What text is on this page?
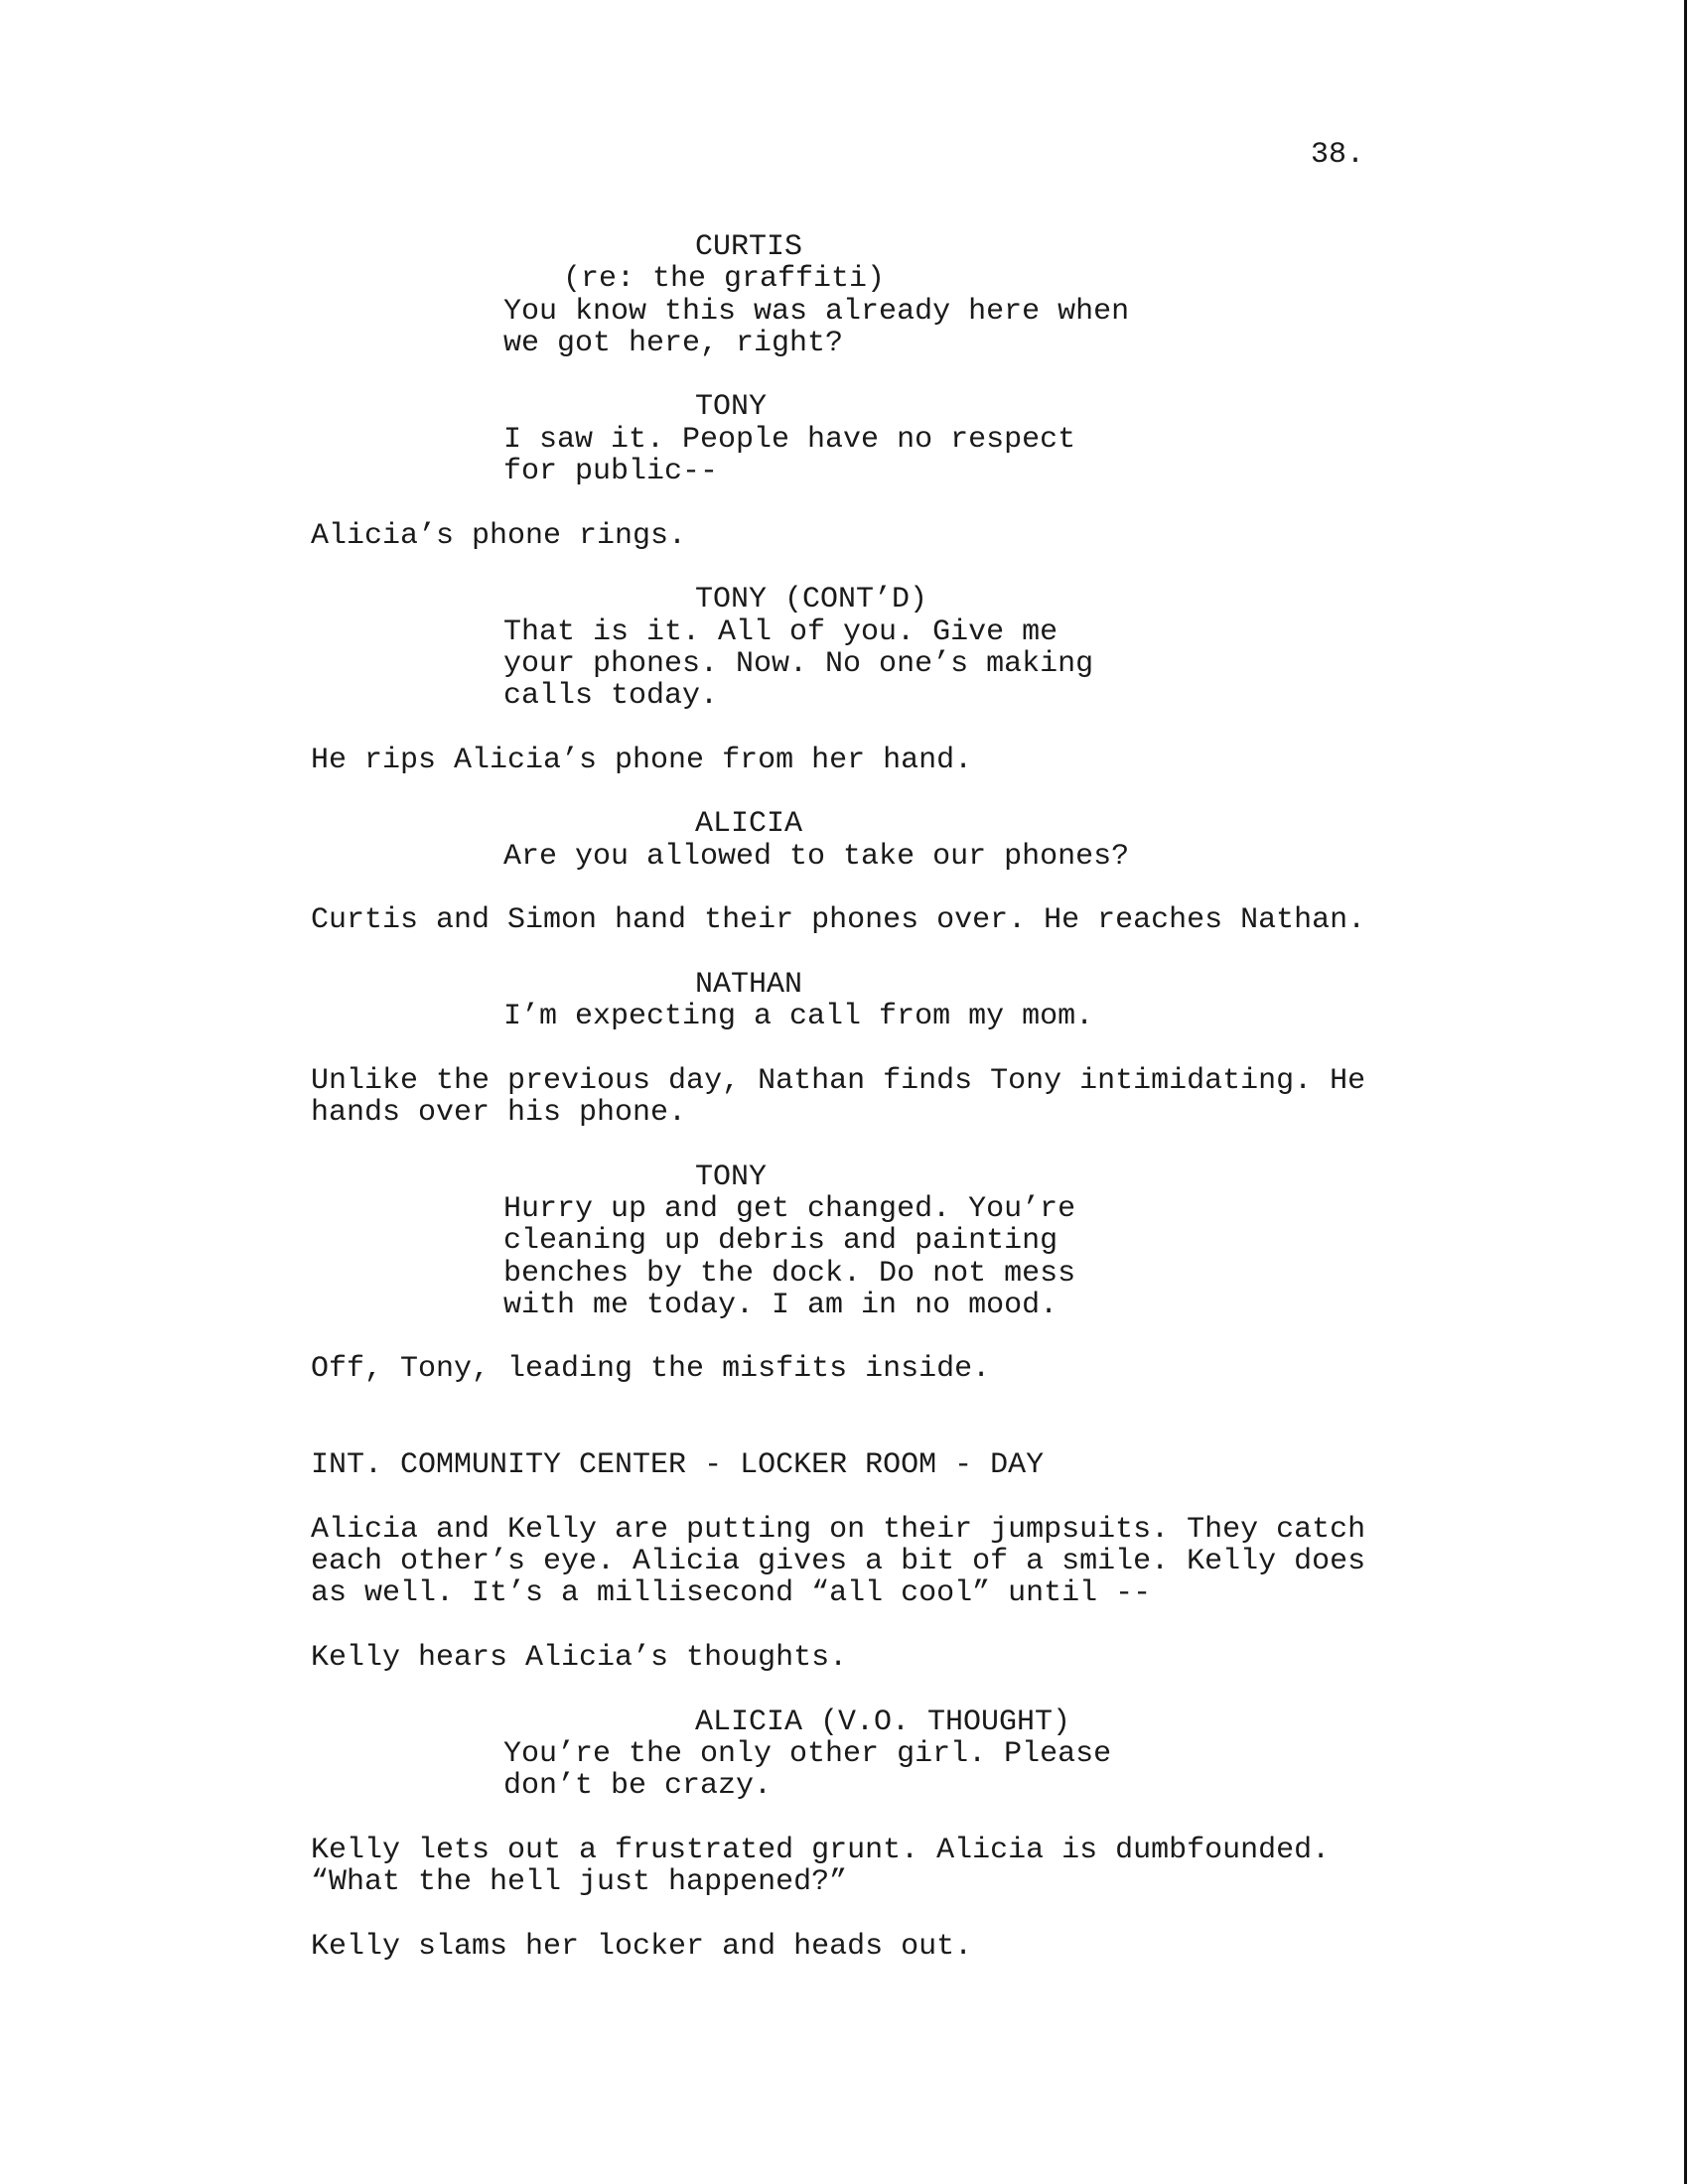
38.
CURTIS
(re: the graffiti)
You know this was already here when
we got here, right?
TONY
I saw it. People have no respect
for public--
Alicia’s phone rings.
TONY (CONT’D)
That is it. All of you. Give me
your phones. Now. No one’s making
calls today.
He rips Alicia’s phone from her hand.
ALICIA
Are you allowed to take our phones?
Curtis and Simon hand their phones over. He reaches Nathan.
NATHAN
I’m expecting a call from my mom.
Unlike the previous day, Nathan finds Tony intimidating. He
hands over his phone.
TONY
Hurry up and get changed. You’re
cleaning up debris and painting
benches by the dock. Do not mess
with me today. I am in no mood.
Off, Tony, leading the misfits inside.
INT. COMMUNITY CENTER - LOCKER ROOM - DAY
Alicia and Kelly are putting on their jumpsuits. They catch
each other’s eye. Alicia gives a bit of a smile. Kelly does
as well. It’s a millisecond “all cool” until --
Kelly hears Alicia’s thoughts.
ALICIA (V.O. THOUGHT)
You’re the only other girl. Please
don’t be crazy.
Kelly lets out a frustrated grunt. Alicia is dumbfounded.
“What the hell just happened?”
Kelly slams her locker and heads out.
